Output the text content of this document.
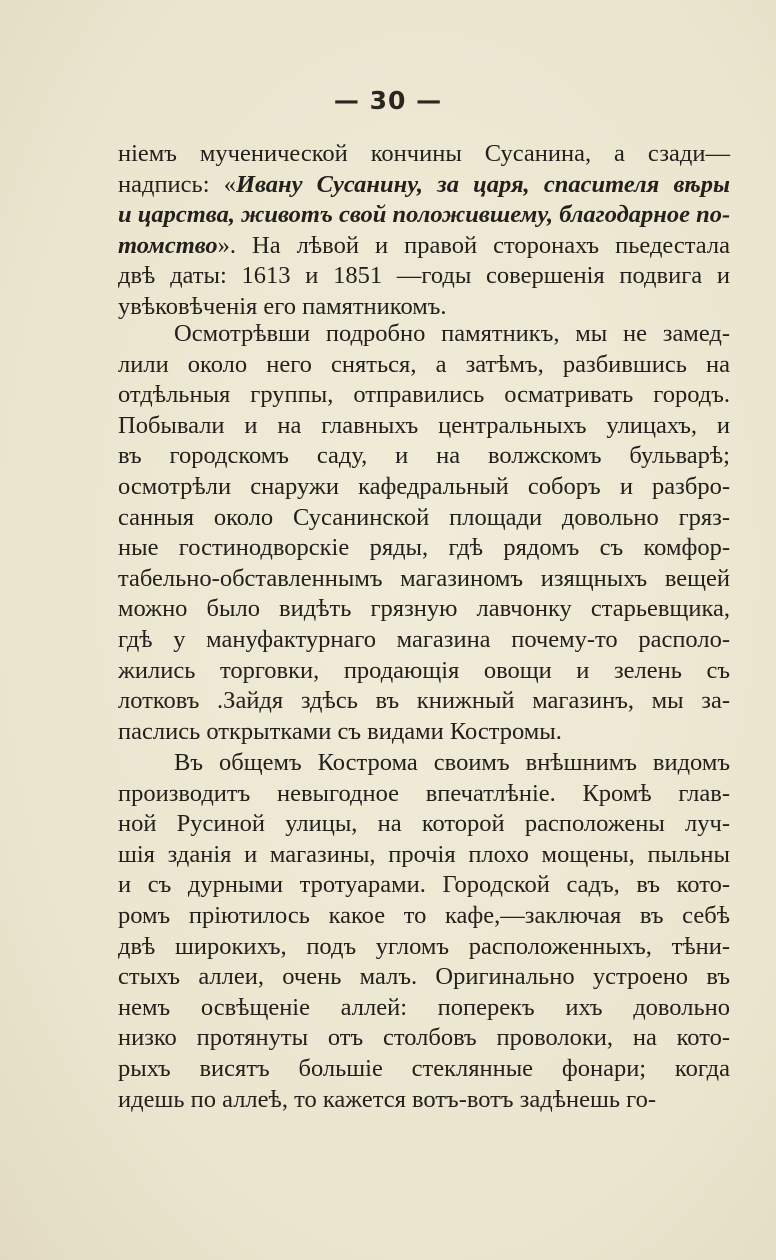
— 30 —
ніемъ мученической кончины Сусанина, а сзади—
надпись: «Ивану Сусанину, за царя, спасителя вѣры
и царства, животъ свой положившему, благодарное по-
томство». На лѣвой и правой сторонахъ пьедестала
двѣ даты: 1613 и 1851 —годы совершенія подвига и
увѣковѣченія его памятникомъ.
Осмотрѣвши подробно памятникъ, мы не замед-
лили около него сняться, а затѣмъ, разбившись на
отдѣльныя группы, отправились осматривать городъ.
Побывали и на главныхъ центральныхъ улицахъ, и
въ городскомъ саду, и на волжскомъ бульварѣ;
осмотрѣли снаружи кафедральный соборъ и разбро-
санныя около Сусанинской площади довольно гряз-
ные гостинодворскіе ряды, гдѣ рядомъ съ комфор-
табельно-обставленнымъ магазиномъ изящныхъ вещей
можно было видѣть грязную лавчонку старьевщика,
гдѣ у мануфактурнаго магазина почему-то располо-
жились торговки, продающія овощи и зелень съ
лотковъ .Зайдя здѣсь въ книжный магазинъ, мы за-
паслись открытками съ видами Костромы.
Въ общемъ Кострома своимъ внѣшнимъ видомъ
производитъ невыгодное впечатлѣніе. Кромѣ глав-
ной Русиной улицы, на которой расположены луч-
шія зданія и магазины, прочія плохо мощены, пыльны
и съ дурными тротуарами. Городской садъ, въ кото-
ромъ пріютилось какое то кафе,—заключая въ себѣ
двѣ широкихъ, подъ угломъ расположенныхъ, тѣни-
стыхъ аллеи, очень малъ. Оригинально устроено въ
немъ освѣщеніе аллей: поперекъ ихъ довольно
низко протянуты отъ столбовъ проволоки, на кото-
рыхъ висятъ большіе стеклянные фонари; когда
идешь по аллеѣ, то кажется вотъ-вотъ задѣнешь го-
